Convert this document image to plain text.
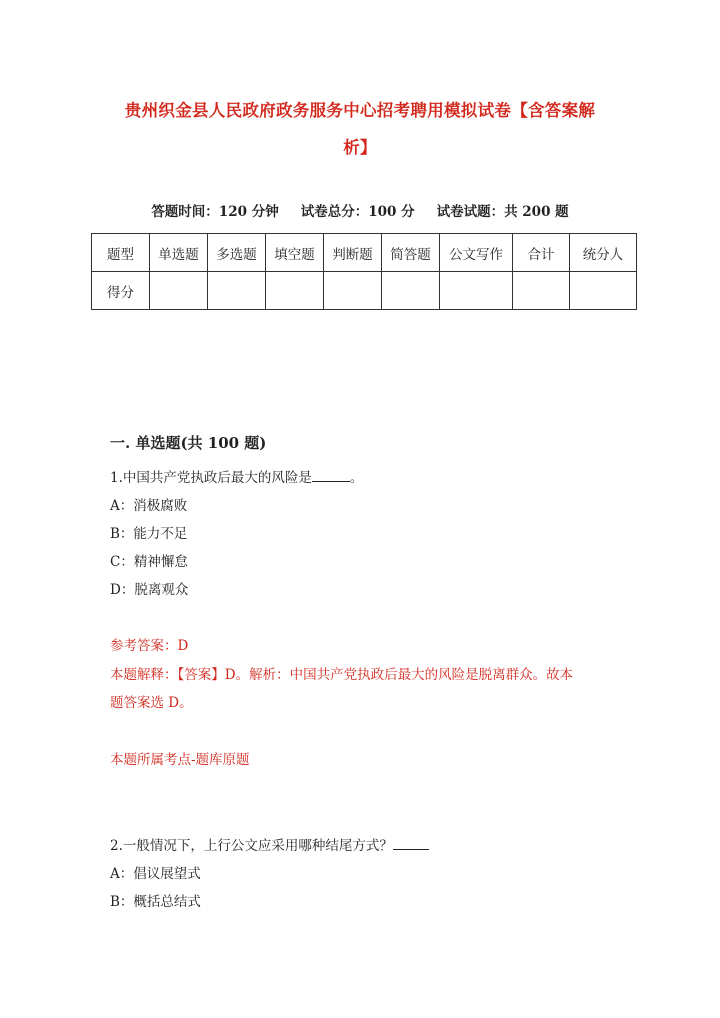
贵州织金县人民政府政务服务中心招考聘用模拟试卷【含答案解
析】
答题时间：120 分钟 试卷总分：100 分 试卷试题：共 200 题
题型	单选题	多选题	填空题	判断题	简答题	公文写作	合计	统分人
得分								
一. 单选题(共 100 题)
1.中国共产党执政后最大的风险是	。
A：消极腐败
B：能力不足
C：精神懈怠
D：脱离观众
参考答案：D
本题解释：【答案】D。解析：中国共产党执政后最大的风险是脱离群众。故本
题答案选 D。
本题所属考点-题库原题
2.一般情况下，上行公文应采用哪种结尾方式？
A：倡议展望式
B：概括总结式
